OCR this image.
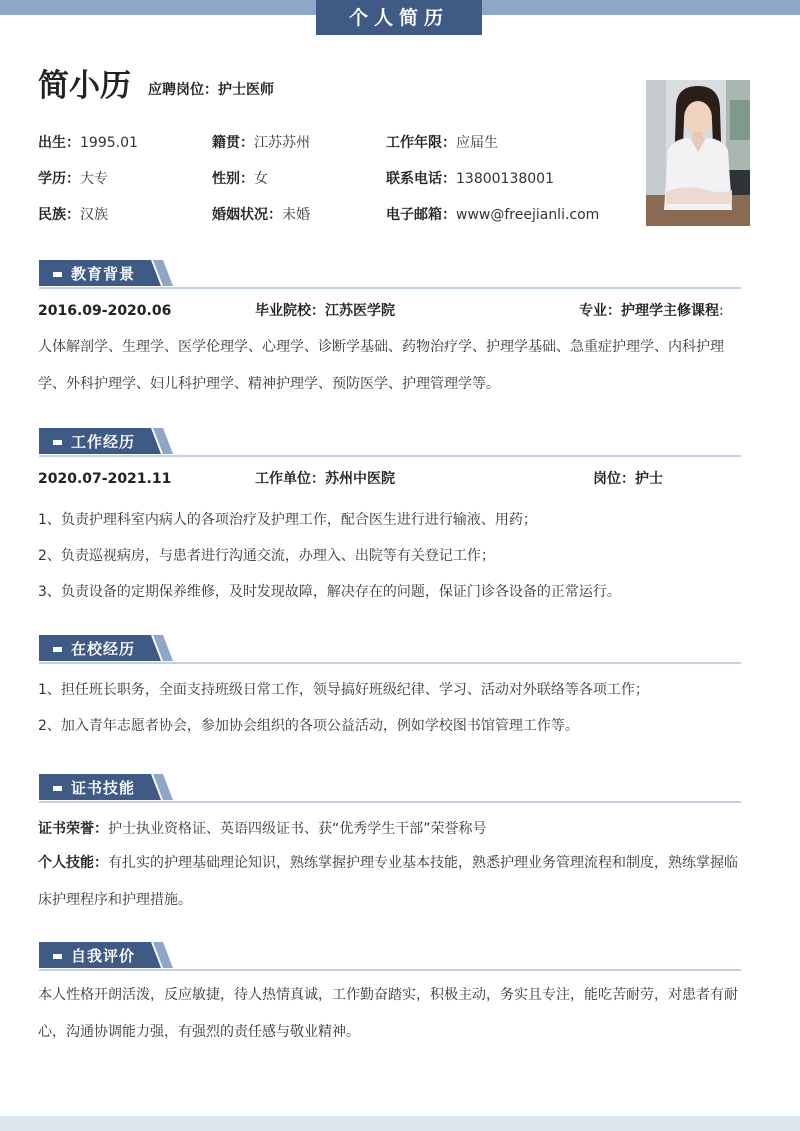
个人简历
简小历 应聘岗位：护士医师
出生：1995.01	籍贯：江苏苏州	工作年限：应届生
学历：大专	性别：女	联系电话：13800138001
民族：汉族	婚姻状况：未婚	电子邮箱：www@freejianli.com
教育背景
2016.09-2020.06	毕业院校：江苏医学院	专业：护理学主修课程:
人体解剖学、生理学、医学伦理学、心理学、诊断学基础、药物治疗学、护理学基础、急重症护理学、内科护理学、外科护理学、妇儿科护理学、精神护理学、预防医学、护理管理学等。
工作经历
2020.07-2021.11	工作单位：苏州中医院	岗位：护士
1、负责护理科室内病人的各项治疗及护理工作，配合医生进行进行输液、用药；
2、负责巡视病房，与患者进行沟通交流，办理入、出院等有关登记工作；
3、负责设备的定期保养维修，及时发现故障，解决存在的问题，保证门诊各设备的正常运行。
在校经历
1、担任班长职务，全面支持班级日常工作，领导搞好班级纪律、学习、活动对外联络等各项工作；
2、加入青年志愿者协会，参加协会组织的各项公益活动，例如学校图书馆管理工作等。
证书技能
证书荣誉：护士执业资格证、英语四级证书、获“优秀学生干部”荣誉称号
个人技能：有扎实的护理基础理论知识，熟练掌握护理专业基本技能，熟悉护理业务管理流程和制度，熟练掌握临床护理程序和护理措施。
自我评价
本人性格开朗活泼，反应敏捷，待人热情真诚，工作勤奋踏实，积极主动，务实且专注，能吃苦耐劳，对患者有耐心，沟通协调能力强，有强烈的责任感与敬业精神。
